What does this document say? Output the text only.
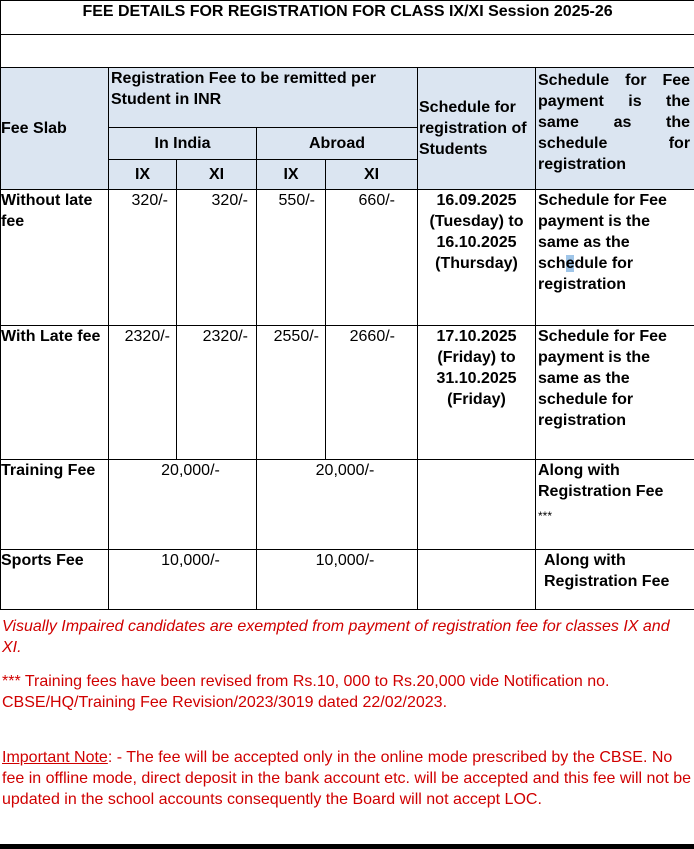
FEE DETAILS FOR REGISTRATION FOR CLASS IX/XI Session 2025-26						

Fee Slab	Registration Fee to be remitted per Student in INR				Schedule for registration of Students	Schedule for Fee payment is the same as the schedule for registration
	In India		Abroad			
	IX	XI	IX	XI		
Without late fee	320/-	320/-	550/-	660/-	16.09.2025
(Tuesday) to
16.10.2025
(Thursday)	Schedule for Fee payment is the same as the schedule for registration
With Late fee	2320/-	2320/-	2550/-	2660/-	17.10.2025
(Friday) to
31.10.2025
(Friday)	Schedule for Fee payment is the same as the schedule for registration
Training Fee	20,000/-		20,000/-			Along with Registration Fee
***

Sports Fee	10,000/-		10,000/-			Along with Registration Fee

Visually Impaired candidates are exempted from payment of registration fee for classes IX and XI.

*** Training fees have been revised from Rs.10, 000 to Rs.20,000 vide Notification no. CBSE/HQ/Training Fee Revision/2023/3019 dated 22/02/2023.

Important Note: - The fee will be accepted only in the online mode prescribed by the CBSE. No fee in offline mode, direct deposit in the bank account etc. will be accepted and this fee will not be updated in the school accounts consequently the Board will not accept LOC.
